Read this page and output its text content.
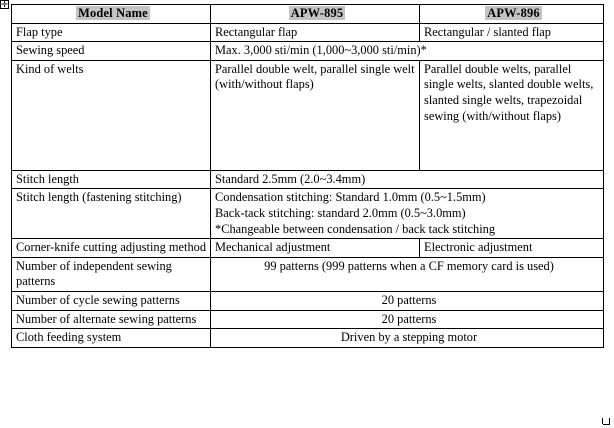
✛
Model Name	APW-895	APW-896
Flap type	Rectangular flap	Rectangular / slanted flap
Sewing speed	Max. 3,000 sti/min (1,000~3,000 sti/min)*	
Kind of welts	Parallel double welt, parallel single welt (with/without flaps)	Parallel double welts, parallel single welts, slanted double welts, slanted single welts, trapezoidal sewing (with/without flaps)
Stitch length	Standard 2.5mm (2.0~3.4mm)	
Stitch length (fastening stitching)	Condensation stitching: Standard 1.0mm (0.5~1.5mm)
Back-tack stitching: standard 2.0mm (0.5~3.0mm)
*Changeable between condensation / back tack stitching	
Corner-knife cutting adjusting method	Mechanical adjustment	Electronic adjustment
Number of independent sewing patterns	99 patterns (999 patterns when a CF memory card is used)	
Number of cycle sewing patterns	20 patterns	
Number of alternate sewing patterns	20 patterns	
Cloth feeding system	Driven by a stepping motor	
